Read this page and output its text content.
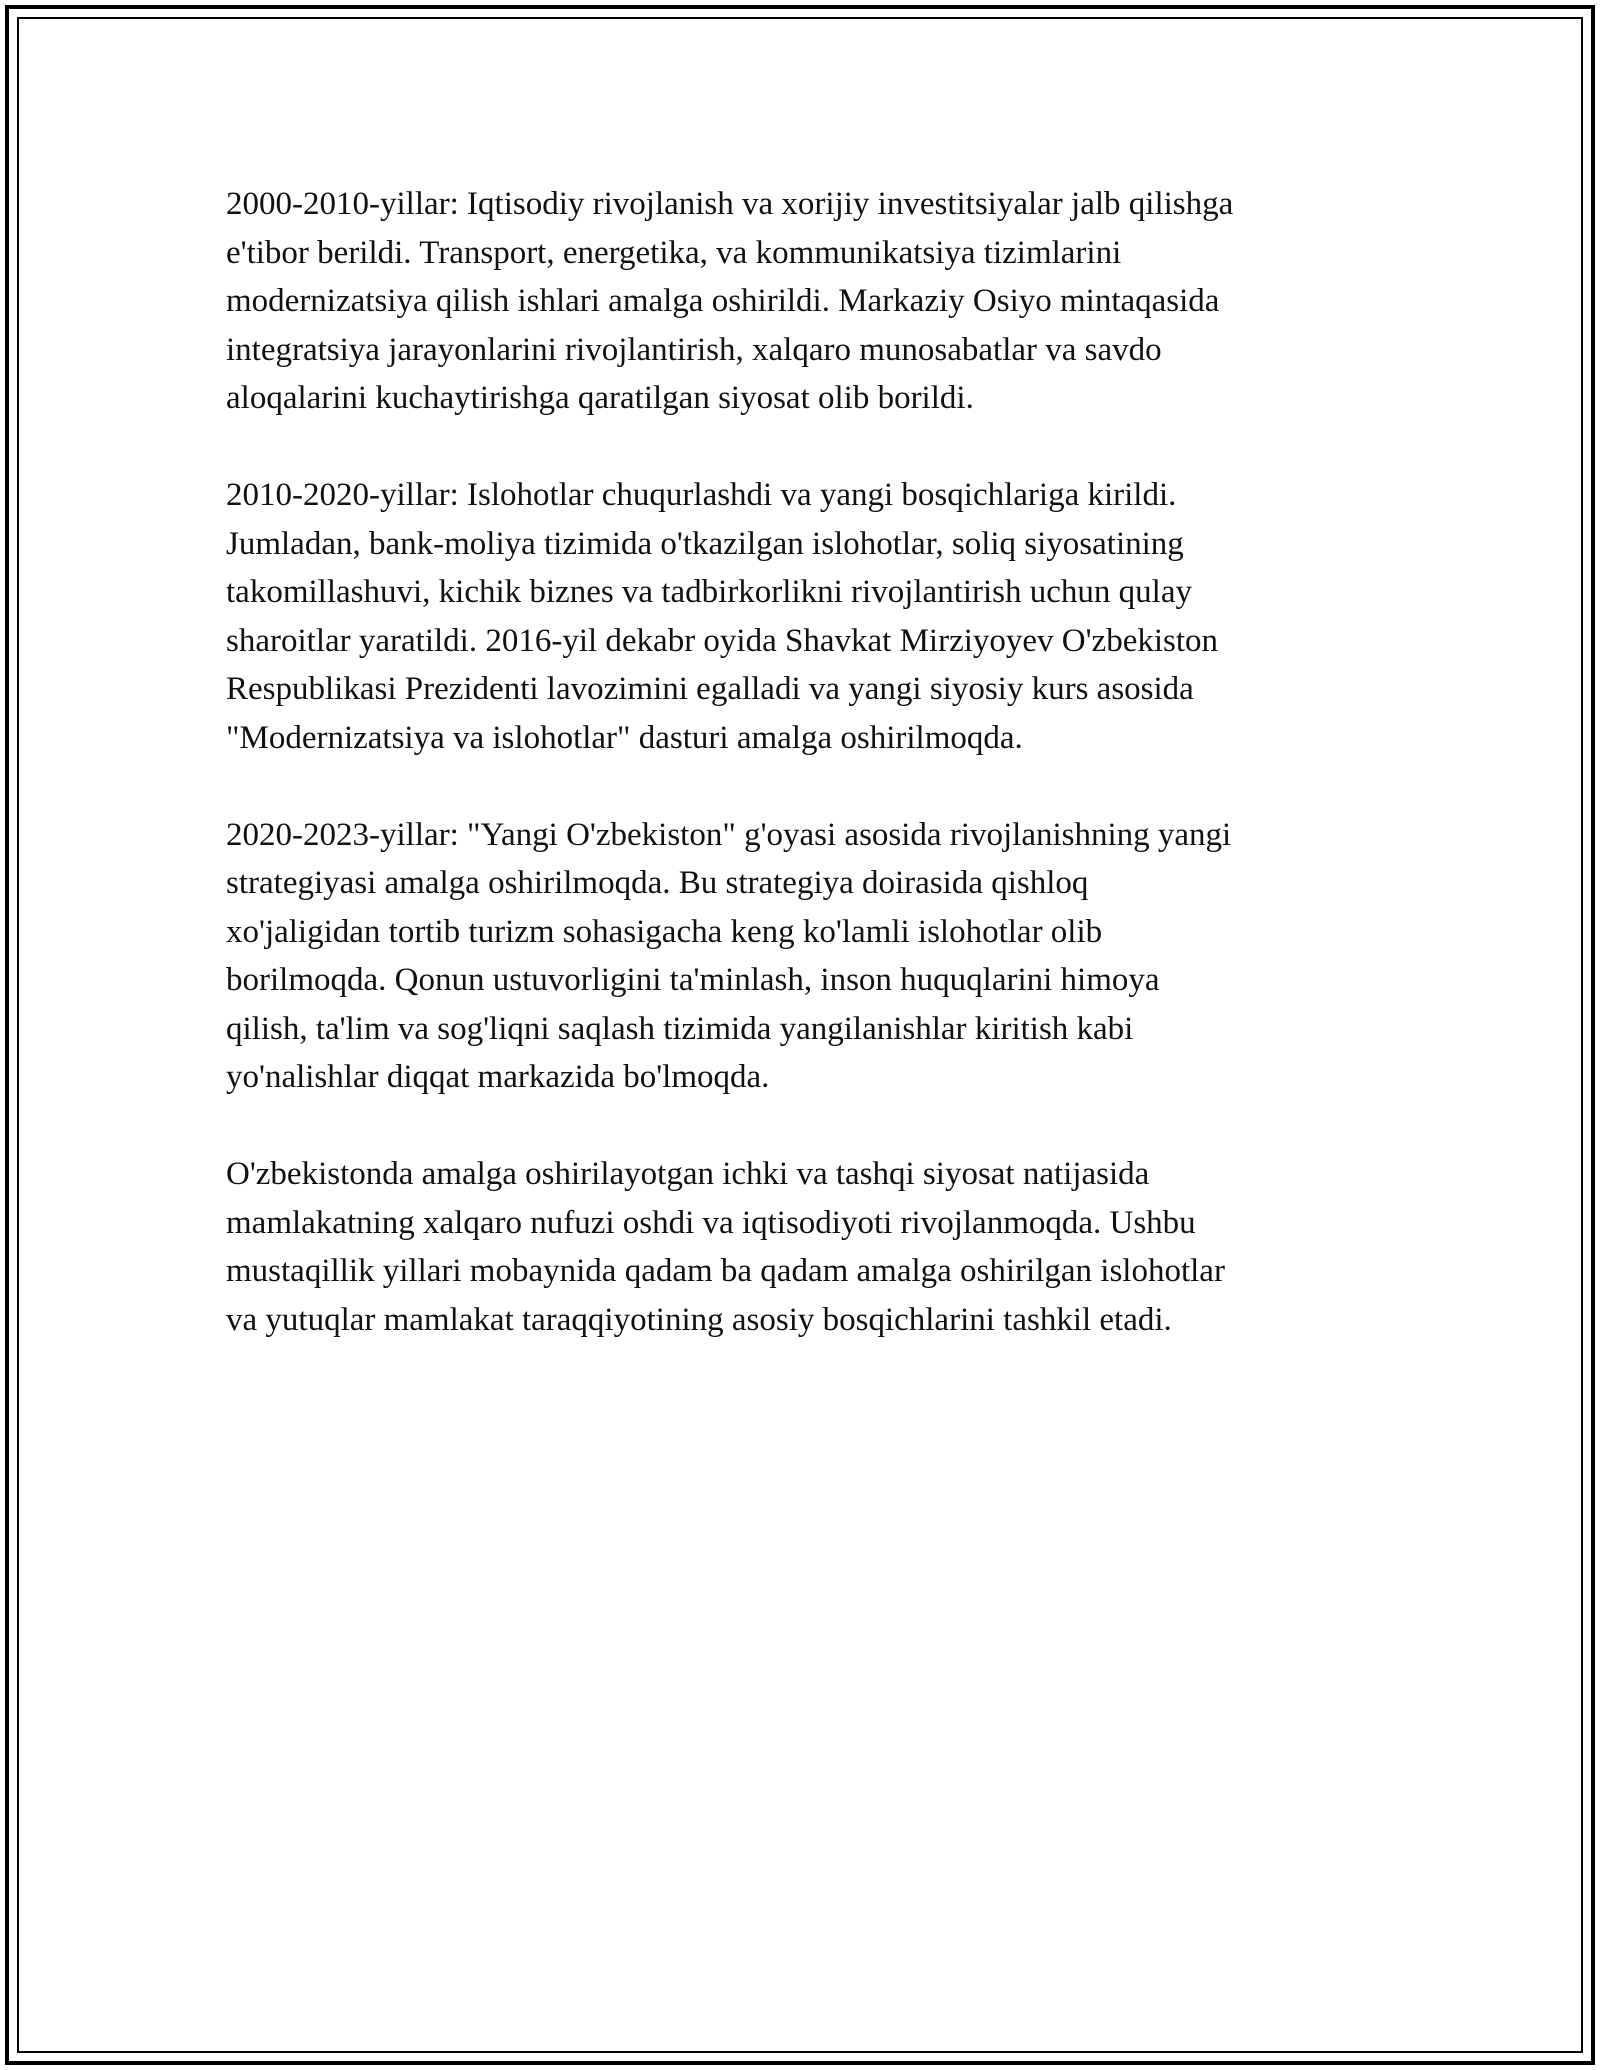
2000-2010-yillar: Iqtisodiy rivojlanish va xorijiy investitsiyalar jalb qilishga
e'tibor berildi. Transport, energetika, va kommunikatsiya tizimlarini
modernizatsiya qilish ishlari amalga oshirildi. Markaziy Osiyo mintaqasida
integratsiya jarayonlarini rivojlantirish, xalqaro munosabatlar va savdo
aloqalarini kuchaytirishga qaratilgan siyosat olib borildi.

2010-2020-yillar: Islohotlar chuqurlashdi va yangi bosqichlariga kirildi.
Jumladan, bank-moliya tizimida o'tkazilgan islohotlar, soliq siyosatining
takomillashuvi, kichik biznes va tadbirkorlikni rivojlantirish uchun qulay
sharoitlar yaratildi. 2016-yil dekabr oyida Shavkat Mirziyoyev O'zbekiston
Respublikasi Prezidenti lavozimini egalladi va yangi siyosiy kurs asosida
"Modernizatsiya va islohotlar" dasturi amalga oshirilmoqda.

2020-2023-yillar: "Yangi O'zbekiston" g'oyasi asosida rivojlanishning yangi
strategiyasi amalga oshirilmoqda. Bu strategiya doirasida qishloq
xo'jaligidan tortib turizm sohasigacha keng ko'lamli islohotlar olib
borilmoqda. Qonun ustuvorligini ta'minlash, inson huquqlarini himoya
qilish, ta'lim va sog'liqni saqlash tizimida yangilanishlar kiritish kabi
yo'nalishlar diqqat markazida bo'lmoqda.

O'zbekistonda amalga oshirilayotgan ichki va tashqi siyosat natijasida
mamlakatning xalqaro nufuzi oshdi va iqtisodiyoti rivojlanmoqda. Ushbu
mustaqillik yillari mobaynida qadam ba qadam amalga oshirilgan islohotlar
va yutuqlar mamlakat taraqqiyotining asosiy bosqichlarini tashkil etadi.
